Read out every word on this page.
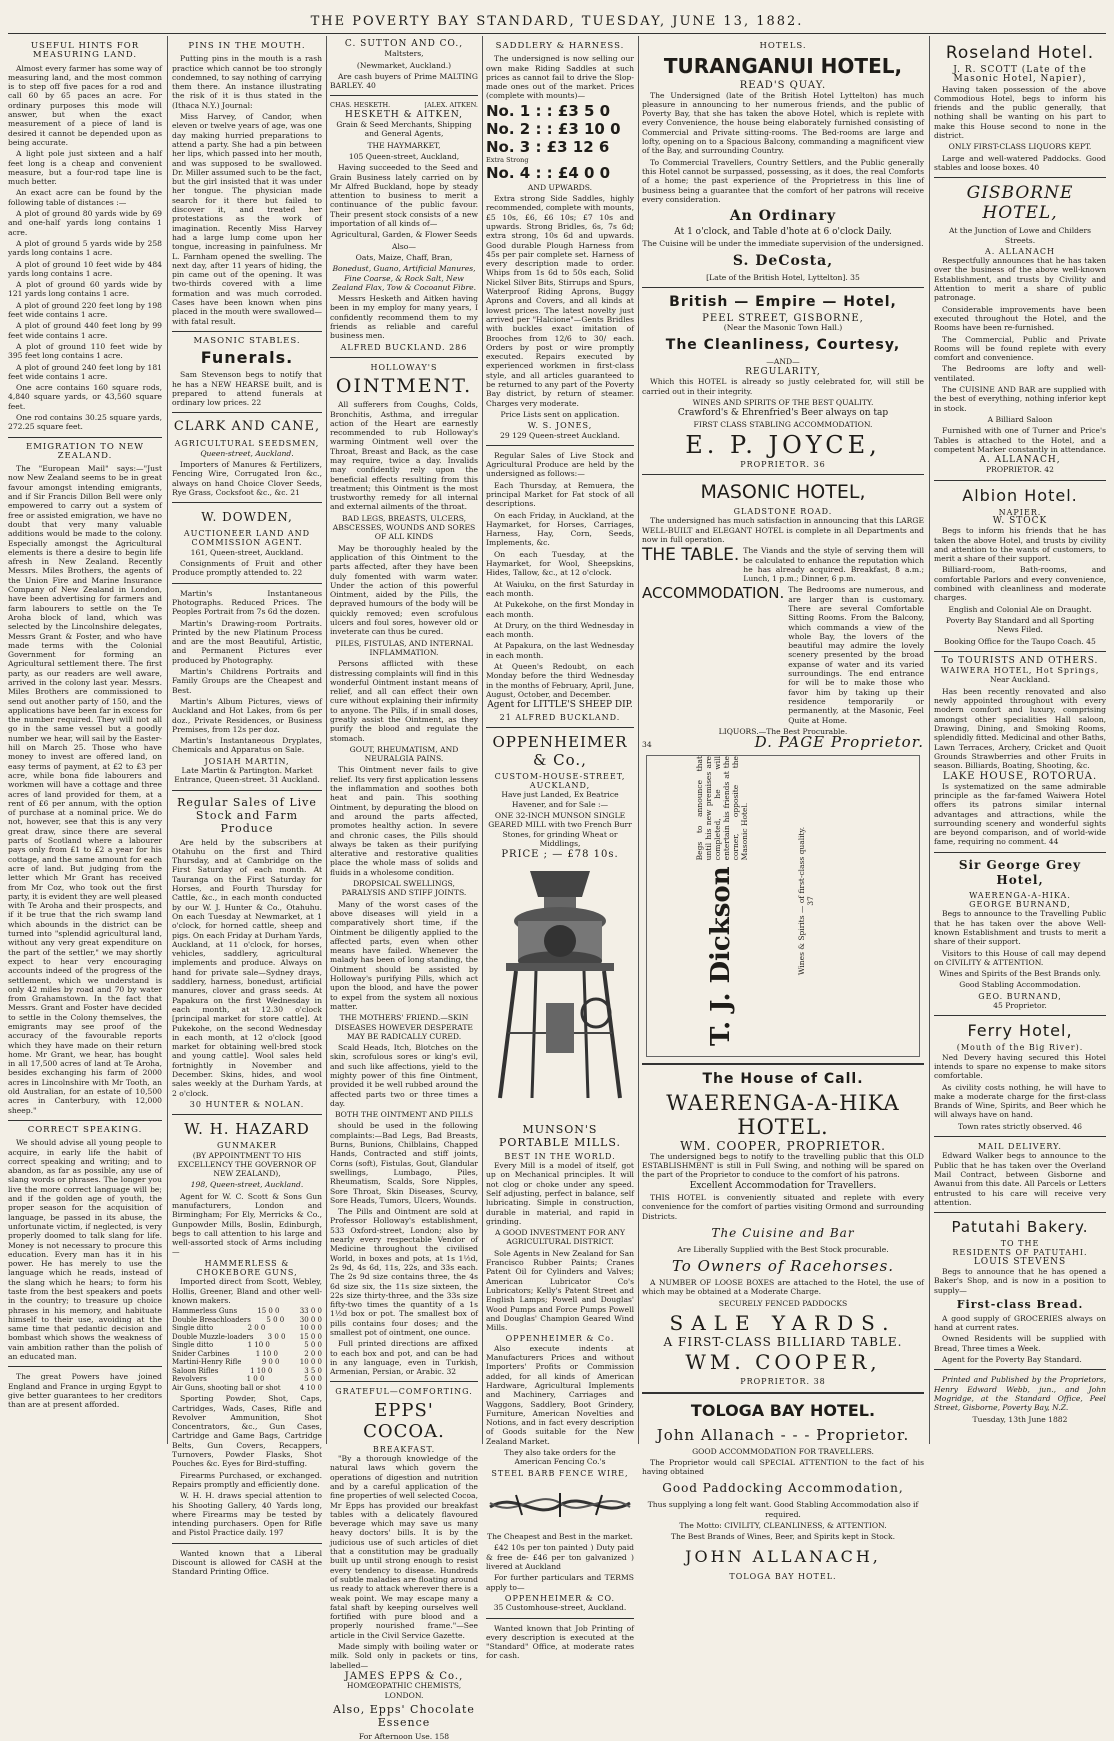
THE POVERTY BAY STANDARD, TUESDAY, JUNE 13, 1882.
USEFUL HINTS FOR MEASURING LAND.

Almost every farmer has some way of measuring land, and the most common is to step off five paces for a rod and call 60 by 65 paces an acre. For ordinary purposes this mode will answer, but when the exact measurement of a piece of land is desired it cannot be depended upon as being accurate.

A light pole just sixteen and a half feet long is a cheap and convenient measure, but a four-rod tape line is much better.

An exact acre can be found by the following table of distances :—

A plot of ground 80 yards wide by 69 and one-half yards long contains 1 acre.

A plot of ground 5 yards wide by 258 yards long contains 1 acre.

A plot of ground 10 feet wide by 484 yards long contains 1 acre.

A plot of ground 60 yards wide by 121 yards long contains 1 acre.

A plot of ground 220 feet long by 198 feet wide contains 1 acre.

A plot of ground 440 feet long by 99 feet wide contains 1 acre.

A plot of ground 110 feet wide by 395 feet long contains 1 acre.

A plot of ground 240 feet long by 181 feet wide contains 1 acre.

One acre contains 160 square rods, 4,840 square yards, or 43,560 square feet.

One rod contains 30.25 square yards, 272.25 square feet.

EMIGRATION TO NEW ZEALAND.

The "European Mail" says:—"Just now New Zealand seems to be in great favour amongst intending emigrants, and if Sir Francis Dillon Bell were only empowered to carry out a system of free or assisted emigration, we have no doubt that very many valuable additions would be made to the colony. Especially amongst the Agricultural elements is there a desire to begin life afresh in New Zealand. Recently Messrs. Miles Brothers, the agents of the Union Fire and Marine Insurance Company of New Zealand in London, have been advertising for farmers and farm labourers to settle on the Te Aroha block of land, which was selected by the Lincolnshire delegates, Messrs Grant & Foster, and who have made terms with the Colonial Government for forming an Agricultural settlement there. The first party, as our readers are well aware, arrived in the colony last year. Messrs. Miles Brothers are commissioned to send out another party of 150, and the applications have been far in excess for the number required. They will not all go in the same vessel but a goodly number we hear, will sail by the Easter-hill on March 25. Those who have money to invest are offered land, on easy terms of payment, at £2 to £3 per acre, while bona fide labourers and workmen will have a cottage and three acres of land provided for them, at a rent of £6 per annum, with the option of purchase at a nominal price. We do not, however, see that this is any very great draw, since there are several parts of Scotland where a labourer pays only from £1 to £2 a year for his cottage, and the same amount for each acre of land. But judging from the letter which Mr Grant has received from Mr Coz, who took out the first party, it is evident they are well pleased with Te Aroha and their prospects, and if it be true that the rich swamp land which abounds in the district can be turned into "splendid agricultural land, without any very great expenditure on the part of the settler," we may shortly expect to hear very encouraging accounts indeed of the progress of the settlement, which we understand is only 42 miles by road and 70 by water from Grahamstown. In the fact that Messrs. Grant and Foster have decided to settle in the Colony themselves, the emigrants may see proof of the accuracy of the favourable reports which they have made on their return home. Mr Grant, we hear, has bought in all 17,500 acres of land at Te Aroha, besides exchanging his farm of 2000 acres in Lincolnshire with Mr Tooth, an old Australian, for an estate of 10,500 acres in Canterbury, with 12,000 sheep."

CORRECT SPEAKING.

We should advise all young people to acquire, in early life the habit of correct speaking and writing; and to abandon, as far as possible, any use of slang words or phrases. The longer you live the more correct language will be; and if the golden age of youth, the proper season for the acquisition of language, be passed in its abuse, the unfortunate victim, if neglected, is very properly doomed to talk slang for life. Money is not necessary to procure this education. Every man has it in his power. He has merely to use the language which he reads, instead of the slang which he hears; to form his taste from the best speakers and poets in the country; to treasure up choice phrases in his memory, and habituate himself to their use, avoiding at the same time that pedantic decision and bombast which shows the weakness of vain ambition rather than the polish of an educated man.

The great Powers have joined England and France in urging Egypt to give better guarantees to her creditors than are at present afforded.

PINS IN THE MOUTH.

Putting pins in the mouth is a rash practice which cannot be too strongly condemned, to say nothing of carrying them there. An instance illustrating the risk of it is thus stated in the (Ithaca N.Y.) Journal:

Miss Harvey, of Candor, when eleven or twelve years of age, was one day making hurried preparations to attend a party. She had a pin between her lips, which passed into her mouth, and was supposed to be swallowed. Dr. Miller assumed such to be the fact, but the girl insisted that it was under her tongue. The physician made search for it there but failed to discover it, and treated her protestations as the work of imagination. Recently Miss Harvey had a large lump come upon her tongue, increasing in painfulness. Mr L. Farnham opened the swelling. The next day, after 11 years of hiding, the pin came out of the opening. It was two-thirds covered with a lime formation and was much corroded. Cases have been known when pins placed in the mouth were swallowed—with fatal result.

MASONIC STABLES.
Funerals.

Sam Stevenson begs to notify that he has a NEW HEARSE built, and is prepared to attend funerals at ordinary low prices. 22

CLARK AND CANE,
AGRICULTURAL SEEDSMEN,

Queen-street, Auckland.

Importers of Manures & Fertilizers, Fencing Wire, Corrugated Iron &c., always on hand Choice Clover Seeds, Rye Grass, Cocksfoot &c., &c. 21

W. DOWDEN,
AUCTIONEER LAND AND COMMISSION AGENT.

161, Queen-street, Auckland.

Consignments of Fruit and other Produce promptly attended to. 22

Martin's Instantaneous Photographs. Reduced Prices. The Peoples Portrait from 7s 6d the dozen.

Martin's Drawing-room Portraits. Printed by the new Platinum Process and are the most Beautiful, Artistic, and Permanent Pictures ever produced by Photography.

Martin's Childrens Portraits and Family Groups are the Cheapest and Best.

Martin's Album Pictures, views of Auckland and Hot Lakes, from 6s per doz., Private Residences, or Business Premises, from 12s per doz.

Martin's Instantaneous Dryplates, Chemicals and Apparatus on Sale.

JOSIAH MARTIN,

Late Martin & Partington. Market Entrance, Queen-street. 31 Auckland.

Regular Sales of Live Stock and Farm Produce

Are held by the subscribers at Otahuhu on the first and Third Thursday, and at Cambridge on the First Saturday of each month. At Tauranga on the First Saturday for Horses, and Fourth Thursday for Cattle, &c., in each month conducted by our W. J. Hunter & Co., Otahuhu. On each Tuesday at Newmarket, at 1 o'clock, for horned cattle, sheep and pigs. On each Friday at Durham Yards, Auckland, at 11 o'clock, for horses, vehicles, saddlery, agricultural implements and produce. Always on hand for private sale—Sydney drays, saddlery, harness, bonedust, artificial manures, clover and grass seeds. At Papakura on the first Wednesday in each month, at 12.30 o'clock [principal market for store cattle]. At Pukekohe, on the second Wednesday in each month, at 12 o'clock [good market for obtaining well-bred stock and young cattle]. Wool sales held fortnightly in November and December. Skins, hides, and wool sales weekly at the Durham Yards, at 2 o'clock.

30 HUNTER & NOLAN.
W. H. HAZARD
GUNMAKER

(BY APPOINTMENT TO HIS EXCELLENCY THE GOVERNOR OF NEW ZEALAND),

198, Queen-street, Auckland.

Agent for W. C. Scott & Sons Gun manufacturers, London and Birmingham; For Ely, Merricks & Co., Gunpowder Mills, Boslin, Edinburgh, begs to call attention to his large and well-assorted stock of Arms including—

HAMMERLESS & CHOKEBORE GUNS,

Imported direct from Scott, Webley, Hollis, Greener, Bland and other well-known makers.

Hammerless Guns	15 0 0	33 0 0
Double Breachloaders 5 0 0 30 0 0
Single ditto	2 0 0	10 0 0
Double Muzzle-loaders 3 0 0 15 0 0
Single ditto	1 10 0	5 0 0
Snider Carbines	1 10 0	2 0 0
Martini-Henry Rifle	9 0 0	10 0 0
Saloon Rifles	1 10 0	3 5 0
Revolvers	1 0 0	5 0 0
Air Guns, shooting ball or shot	4 10 0

Sporting Powder, Shot, Caps, Cartridges, Wads, Cases, Rifle and Revolver Ammunition, Shot Concentrators, &c., Gun Cases, Cartridge and Game Bags, Cartridge Belts, Gun Covers, Recappers, Turnovers, Powder Flasks, Shot Pouches &c. Eyes for Bird-stuffing.

Firearms Purchased, or exchanged. Repairs promptly and efficiently done.

W. H. H. draws special attention to his Shooting Gallery, 40 Yards long, where Firearms may be tested by intending purchasers. Open for Rifle and Pistol Practice daily. 197

Wanted known that a Liberal Discount is allowed for CASH at the Standard Printing Office.

C. SUTTON AND CO.,

Maltsters,

(Newmarket, Auckland.)

Are cash buyers of Prime MALTING BARLEY. 40

CHAS. HESKETH.	[ALEX. AITKEN.
HESKETH & AITKEN,

Grain & Seed Merchants, Shipping and General Agents,

THE HAYMARKET,

105 Queen-street, Auckland,

Having succeeded to the Seed and Grain Business lately carried on by Mr Alfred Buckland, hope by steady attention to business to merit a continuance of the public favour. Their present stock consists of a new importation of all kinds of—

Agricultural, Garden, & Flower Seeds

Also—

Oats, Maize, Chaff, Bran,

Bonedust, Guano, Artificial Manures, Fine Coarse, & Rock Salt, New Zealand Flax, Tow & Cocoanut Fibre.

Messrs Hesketh and Aitken having been in my employ for many years, I confidently recommend them to my friends as reliable and careful business men.

ALFRED BUCKLAND. 286
HOLLOWAY'S
OINTMENT.

All sufferers from Coughs, Colds, Bronchitis, Asthma, and irregular action of the Heart are earnestly recommended to rub Holloway's warming Ointment well over the Throat, Breast and Back, as the case may require, twice a day. Invalids may confidently rely upon the beneficial effects resulting from this treatment; this Ointment is the most trustworthy remedy for all internal and external ailments of the throat.

BAD LEGS, BREASTS, ULCERS, ABSCESSES, WOUNDS AND SORES OF ALL KINDS

May be thoroughly healed by the application of this Ointment to the parts affected, after they have been duly fomented with warm water. Under the action of this powerful Ointment, aided by the Pills, the depraved humours of the body will be quickly removed; even scrofulous ulcers and foul sores, however old or inveterate can thus be cured.

PILES, FISTULAS, AND INTERNAL INFLAMMATION.

Persons afflicted with these distressing complaints will find in this wonderful Ointment instant means of relief, and all can effect their own cure without explaining their infirmity to anyone. The Pills, if in small doses, greatly assist the Ointment, as they purify the blood and regulate the stomach.

GOUT, RHEUMATISM, AND NEURALGIA PAINS.

This Ointment never fails to give relief. Its very first application lessens the inflammation and soothes both heat and pain. This soothing Ointment, by depurating the blood on and around the parts affected, promotes healthy action. In severe and chronic cases, the Pills should always be taken as their purifying alterative and restorative qualities place the whole mass of solids and fluids in a wholesome condition.

DROPSICAL SWELLINGS, PARALYSIS AND STIFF JOINTS.

Many of the worst cases of the above diseases will yield in a comparatively short time, if the Ointment be diligently applied to the affected parts, even when other means have failed. Whenever the malady has been of long standing, the Ointment should be assisted by Holloway's purifying Pills, which act upon the blood, and have the power to expel from the system all noxious matter.

THE MOTHERS' FRIEND.—SKIN DISEASES HOWEVER DESPERATE MAY BE RADICALLY CURED.

Scald Heads, Itch, Blotches on the skin, scrofulous sores or king's evil, and such like affections, yield to the mighty power of this fine Ointment, provided it be well rubbed around the affected parts two or three times a day.

BOTH THE OINTMENT AND PILLS

should be used in the following complaints:—Bad Legs, Bad Breasts, Burns, Bunions, Chilblains, Chapped Hands, Contracted and stiff joints, Corns (soft), Fistulas, Gout, Glandular swellings, Lumbago, Piles, Rheumatism, Scalds, Sore Nipples, Sore Throat, Skin Diseases, Scurvy, Sore Heads, Tumors, Ulcers, Wounds.

The Pills and Ointment are sold at Professor Holloway's establishment, 533 Oxford-street, London; also by nearly every respectable Vendor of Medicine throughout the civilised World, in boxes and pots, at 1s 1½d, 2s 9d, 4s 6d, 11s, 22s, and 33s each. The 2s 9d size contains three, the 4s 6d size six, the 11s size sixteen, the 22s size thirty-three, and the 33s size fifty-two times the quantity of a 1s 1½d box or pot. The smallest box of pills contains four doses; and the smallest pot of ointment, one ounce.

Full printed directions are affixed to each box and pot, and can be had in any language, even in Turkish, Armenian, Persian, or Arabic. 32

GRATEFUL—COMFORTING.
EPPS' COCOA.
BREAKFAST.

"By a thorough knowledge of the natural laws which govern the operations of digestion and nutrition and by a careful application of the fine properties of well selected Cocoa, Mr Epps has provided our breakfast tables with a delicately flavoured beverage which may save us many heavy doctors' bills. It is by the judicious use of such articles of diet that a constitution may be gradually built up until strong enough to resist every tendency to disease. Hundreds of subtle maladies are floating around us ready to attack wherever there is a weak point. We may escape many a fatal shaft by keeping ourselves well fortified with pure blood and a properly nourished frame."—See article in the Civil Service Gazette.

Made simply with boiling water or milk. Sold only in packets or tins, labelled—

JAMES EPPS & Co.,

HOMŒOPATHIC CHEMISTS, LONDON.

Also, Epps' Chocolate Essence

For Afternoon Use. 158

SADDLERY & HARNESS.

The undersigned is now selling our own make Riding Saddles at such prices as cannot fail to drive the Slop-made ones out of the market. Prices (complete with mounts)—

No. 1 : : £3 5 0
No. 2 : : £3 10 0
No. 3 : £3 12 6
Extra Strong
No. 4 : : £4 0 0

AND UPWARDS.

Extra strong Side Saddles, highly recommended, complete with mounts, £5 10s, £6, £6 10s; £7 10s and upwards. Strong Bridles, 6s, 7s 6d; extra strong, 10s 6d and upwards. Good durable Plough Harness from 45s per pair complete set. Harness of every description made to order. Whips from 1s 6d to 50s each, Solid Nickel Silver Bits, Stirrups and Spurs, Waterproof Riding Aprons, Buggy Aprons and Covers, and all kinds at lowest prices. The latest novelty just arrived per "Halcione"—Gents Bridles with buckles exact imitation of Brooches from 12/6 to 30/ each. Orders by post or wire promptly executed. Repairs executed by experienced workmen in first-class style, and all articles guaranteed to be returned to any part of the Poverty Bay district, by return of steamer. Charges very moderate.

Price Lists sent on application.

W. S. JONES,

29 129 Queen-street Auckland.

Regular Sales of Live Stock and Agricultural Produce are held by the undersigned as follows:—

Each Thursday, at Remuera, the principal Market for Fat stock of all descriptions.

On each Friday, in Auckland, at the Haymarket, for Horses, Carriages, Harness, Hay, Corn, Seeds, Implements, &c.

On each Tuesday, at the Haymarket, for Wool, Sheepskins, Hides, Tallow, &c., at 12 o'clock.

At Waiuku, on the first Saturday in each month.

At Pukekohe, on the first Monday in each month.

At Drury, on the third Wednesday in each month.

At Papakura, on the last Wednesday in each month.

At Queen's Redoubt, on each Monday before the third Wednesday in the months of February, April, June, August, October, and December.

Agent for LITTLE'S SHEEP DIP.

21 ALFRED BUCKLAND.
OPPENHEIMER & Co.,
CUSTOM-HOUSE-STREET,
AUCKLAND,

Have just Landed, Ex Beatrice Havener, and for Sale :—

ONE 32-INCH MUNSON SINGLE GEARED MILL with two French Burr Stones, for grinding Wheat or Middlings,

PRICE ; — £78 10s.
MUNSON'S PORTABLE MILLS.
BEST IN THE WORLD.

Every Mill is a model of itself, got up on Mechanical principles. It will not clog or choke under any speed. Self adjusting, perfect in balance, self lubricating. Simple in construction, durable in material, and rapid in grinding.

A GOOD INVESTMENT FOR ANY AGRICULTURAL DISTRICT.

Sole Agents in New Zealand for San Francisco Rubber Paints; Cranes Patent Oil for Cylinders and Valves; American Lubricator Co's Lubricators; Kelly's Patent Street and English Lamps; Powell and Douglas' Wood Pumps and Force Pumps Powell and Douglas' Champion Geared Wind Mills.

OPPENHEIMER & Co.

Also execute indents at Manufacturers Prices and without Importers' Profits or Commission added, for all kinds of American Hardware, Agricultural Implements and Machinery, Carriages and Waggons, Saddlery, Boot Grindery, Furniture, American Novelties and Notions, and in fact every description of Goods suitable for the New Zealand Market.

They also take orders for the American Fencing Co.'s

STEEL BARB FENCE WIRE,

The Cheapest and Best in the market.

£42 10s per ton painted ) Duty paid & free de- £46 per ton galvanized ) livered at Auckland

For further particulars and TERMS apply to—

OPPENHEIMER & CO.

35 Customhouse-street, Auckland.

Wanted known that Job Printing of every description is executed at the "Standard" Office, at moderate rates for cash.

HOTELS.
TURANGANUI HOTEL,
READ'S QUAY.

The Undersigned (late of the British Hotel Lyttelton) has much pleasure in announcing to her numerous friends, and the public of Poverty Bay, that she has taken the above Hotel, which is replete with every Convenience, the house being elaborately furnished consisting of Commercial and Private sitting-rooms. The Bed-rooms are large and lofty, opening on to a Spacious Balcony, commanding a magnificent view of the Bay, and surrounding Country.

To Commercial Travellers, Country Settlers, and the Public generally this Hotel cannot be surpassed, possessing, as it does, the real Comforts of a home; the past experience of the Proprietress in this line of business being a guarantee that the comfort of her patrons will receive every consideration.

An Ordinary

At 1 o'clock, and Table d'hote at 6 o'clock Daily.

The Cuisine will be under the immediate supervision of the undersigned.

S. DeCosta,

[Late of the British Hotel, Lyttelton]. 35

British — Empire — Hotel,
PEEL STREET, GISBORNE,

(Near the Masonic Town Hall.)

The Cleanliness, Courtesy,

—AND—

REGULARITY,

Which this HOTEL is already so justly celebrated for, will still be carried out in their integrity.

WINES AND SPIRITS OF THE BEST QUALITY.

Crawford's & Ehrenfried's Beer always on tap

FIRST CLASS STABLING ACCOMMODATION.

E. P. JOYCE,
PROPRIETOR. 36
MASONIC HOTEL,
GLADSTONE ROAD.

The undersigned has much satisfaction in announcing that this LARGE WELL-BUILT and ELEGANT HOTEL is complete in all Departments and now in full operation.

THE TABLE. The Viands and the style of serving them will be calculated to enhance the reputation which he has already acquired. Breakfast, 8 a.m.; Lunch, 1 p.m.; Dinner, 6 p.m.

ACCOMMODATION. The Bedrooms are numerous, and are larger than is customary. There are several Comfortable Sitting Rooms. From the Balcony, which commands a view of the whole Bay, the lovers of the beautiful may admire the lovely scenery presented by the broad expanse of water and its varied surroundings. The end entrance for will be to make those who favor him by taking up their residence temporarily or permanently, at the Masonic, Feel Quite at Home.

LIQUORS.—The Best Procurable.

34	D. PAGE Proprietor.
T. J. Dickson
Begs to announce that until his new premises are completed, he will entertain his friends at the corner, opposite the Masonic Hotel.	Wines & Spirits — of first-class quality. 37
The House of Call.
WAERENGA-A-HIKA HOTEL.
WM. COOPER, PROPRIETOR.

The undersigned begs to notify to the travelling public that this OLD ESTABLISHMENT is still in Full Swing, and nothing will be spared on the part of the Proprietor to conduce to the comfort of his patrons.

Excellent Accommodation for Travellers.

THIS HOTEL is conveniently situated and replete with every convenience for the comfort of parties visiting Ormond and surrounding Districts.

The Cuisine and Bar

Are Liberally Supplied with the Best Stock procurable.

To Owners of Racehorses.

A NUMBER OF LOOSE BOXES are attached to the Hotel, the use of which may be obtained at a Moderate Charge.

SECURELY FENCED PADDOCKS

SALE YARDS.
A FIRST-CLASS BILLIARD TABLE.
WM. COOPER,
PROPRIETOR. 38
TOLOGA BAY HOTEL.
John Allanach - - - Proprietor.

GOOD ACCOMMODATION FOR TRAVELLERS.

The Proprietor would call SPECIAL ATTENTION to the fact of his having obtained

Good Paddocking Accommodation,

Thus supplying a long felt want. Good Stabling Accommodation also if required.

The Motto: CIVILITY, CLEANLINESS, & ATTENTION.

The Best Brands of Wines, Beer, and Spirits kept in Stock.

JOHN ALLANACH,
TOLOGA BAY HOTEL.
Roseland Hotel.
J. R. SCOTT (Late of the Masonic Hotel, Napier),

Having taken possession of the above Commodious Hotel, begs to inform his friends and the public generally, that nothing shall be wanting on his part to make this House second to none in the district.

ONLY FIRST-CLASS LIQUORS KEPT.

Large and well-watered Paddocks. Good stables and loose boxes. 40

GISBORNE HOTEL,

At the Junction of Lowe and Childers Streets.

A. ALLANACH

Respectfully announces that he has taken over the business of the above well-known Establishment, and trusts by Civility and Attention to merit a share of public patronage.

Considerable improvements have been executed throughout the Hotel, and the Rooms have been re-furnished.

The Commercial, Public and Private Rooms will be found replete with every comfort and convenience.

The Bedrooms are lofty and well-ventilated.

The CUISINE AND BAR are supplied with the best of everything, nothing inferior kept in stock.

A Billiard Saloon

Furnished with one of Turner and Price's Tables is attached to the Hotel, and a competent Marker constantly in attendance.

A. ALLANACH,

PROPRIETOR. 42

Albion Hotel.
NAPIER.
W. STOCK

Begs to inform his friends that he has taken the above Hotel, and trusts by civility and attention to the wants of customers, to merit a share of their support.

Billiard-room, Bath-rooms, and comfortable Parlors and every convenience, combined with cleanliness and moderate charges.

English and Colonial Ale on Draught.

Poverty Bay Standard and all Sporting News Filed.

Booking Office for the Taupo Coach. 45

To TOURISTS AND OTHERS.
WAIWERA HOTEL, Hot Springs,

Near Auckland.

Has been recently renovated and also newly appointed throughout with every modern comfort and luxury, comprising amongst other specialities Hall saloon, Drawing, Dining, and Smoking Rooms, splendidly fitted. Medicinal and other Baths, Lawn Terraces, Archery, Cricket and Quoit Grounds Strawberries and other Fruits in season. Billiards, Boating, Shooting, &c.

LAKE HOUSE, ROTORUA.

Is systematized on the same admirable principle as the far-famed Waiwera Hotel offers its patrons similar internal advantages and attractions, while the surrounding scenery and wonderful sights are beyond comparison, and of world-wide fame, requiring no comment. 44

Sir George Grey Hotel,
WAERENGA-A-HIKA.
GEORGE BURNAND,

Begs to announce to the Travelling Public that he has taken over the above Well-known Establishment and trusts to merit a share of their support.

Visitors to this House of call may depend on CIVILITY & ATTENTION.

Wines and Spirits of the Best Brands only.

Good Stabling Accommodation.

GEO. BURNAND,

45 Proprietor.

Ferry Hotel,
(Mouth of the Big River).

Ned Devery having secured this Hotel intends to spare no expense to make sitors comfortable.

As civility costs nothing, he will have to make a moderate charge for the first-class Brands of Wine, Spirits, and Beer which he will always have on hand.

Town rates strictly observed. 46

MAIL DELIVERY.

Edward Walker begs to announce to the Public that he has taken over the Overland Mail Contract, between Gisborne and Awanui from this date. All Parcels or Letters entrusted to his care will receive very attention.

Patutahi Bakery.
TO THE
RESIDENTS OF PATUTAHI.
LOUIS STEVENS

Begs to announce that he has opened a Baker's Shop, and is now in a position to supply—

First-class Bread.

A good supply of GROCERIES always on hand at current rates.

Owned Residents will be supplied with Bread, Three times a Week.

Agent for the Poverty Bay Standard.

Printed and Published by the Proprietors, Henry Edward Webb, jun., and John Mogridge, at the Standard Office, Peel Street, Gisborne, Poverty Bay, N.Z.

Tuesday, 13th June 1882
